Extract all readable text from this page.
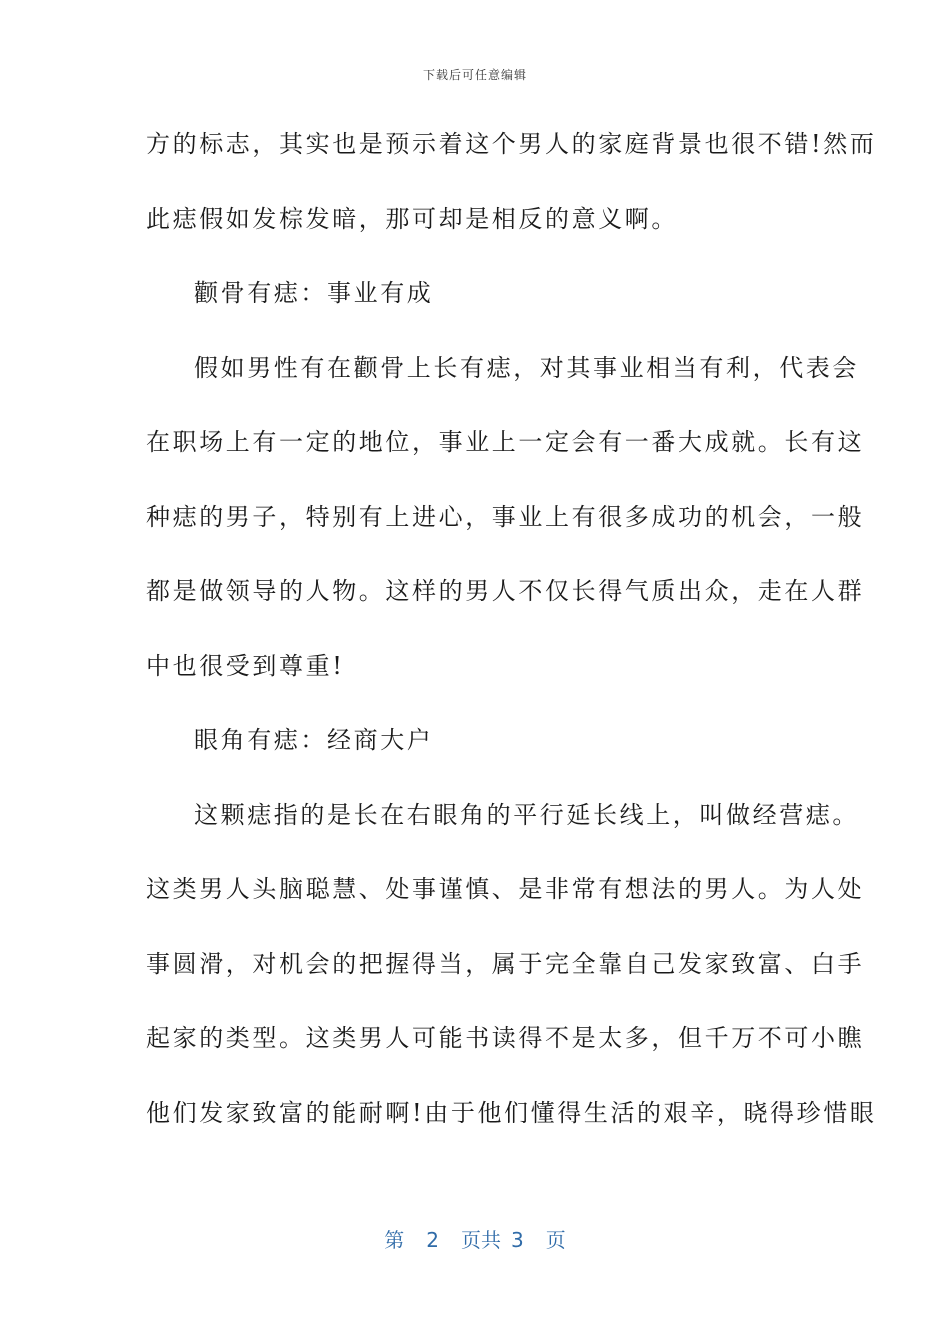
下载后可任意编辑
方的标志，其实也是预示着这个男人的家庭背景也很不错!然而
此痣假如发棕发暗，那可却是相反的意义啊。
颧骨有痣：事业有成
假如男性有在颧骨上长有痣，对其事业相当有利，代表会
在职场上有一定的地位，事业上一定会有一番大成就。长有这
种痣的男子，特别有上进心，事业上有很多成功的机会，一般
都是做领导的人物。这样的男人不仅长得气质出众，走在人群
中也很受到尊重!
眼角有痣：经商大户
这颗痣指的是长在右眼角的平行延长线上，叫做经营痣。
这类男人头脑聪慧、处事谨慎、是非常有想法的男人。为人处
事圆滑，对机会的把握得当，属于完全靠自己发家致富、白手
起家的类型。这类男人可能书读得不是太多，但千万不可小瞧
他们发家致富的能耐啊!由于他们懂得生活的艰辛，晓得珍惜眼
第 2 页共 3 页
